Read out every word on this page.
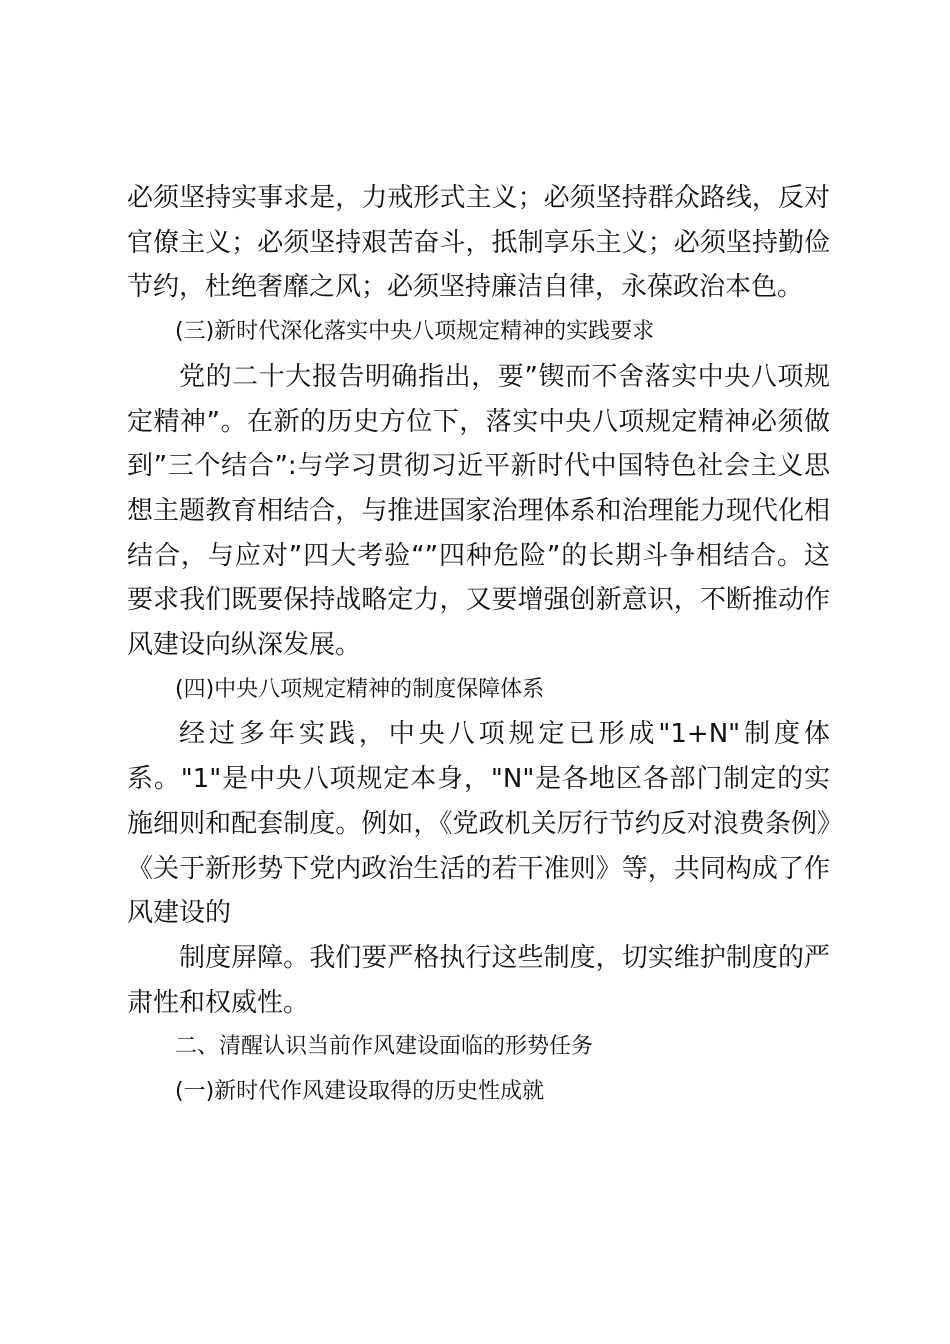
必须坚持实事求是，力戒形式主义；必须坚持群众路线，反对官僚主义；必须坚持艰苦奋斗，抵制享乐主义；必须坚持勤俭节约，杜绝奢靡之风；必须坚持廉洁自律，永葆政治本色。

(三)新时代深化落实中央八项规定精神的实践要求

党的二十大报告明确指出，要”锲而不舍落实中央八项规定精神”。在新的历史方位下，落实中央八项规定精神必须做到”三个结合”:与学习贯彻习近平新时代中国特色社会主义思想主题教育相结合，与推进国家治理体系和治理能力现代化相结合，与应对”四大考验“”四种危险”的长期斗争相结合。这要求我们既要保持战略定力，又要增强创新意识，不断推动作风建设向纵深发展。

(四)中央八项规定精神的制度保障体系

经过多年实践，中央八项规定已形成"1+N"制度体系。"1"是中央八项规定本身，"N"是各地区各部门制定的实施细则和配套制度。例如，《党政机关厉行节约反对浪费条例》《关于新形势下党内政治生活的若干准则》等，共同构成了作风建设的

制度屏障。我们要严格执行这些制度，切实维护制度的严肃性和权威性。

二、清醒认识当前作风建设面临的形势任务

(一)新时代作风建设取得的历史性成就
